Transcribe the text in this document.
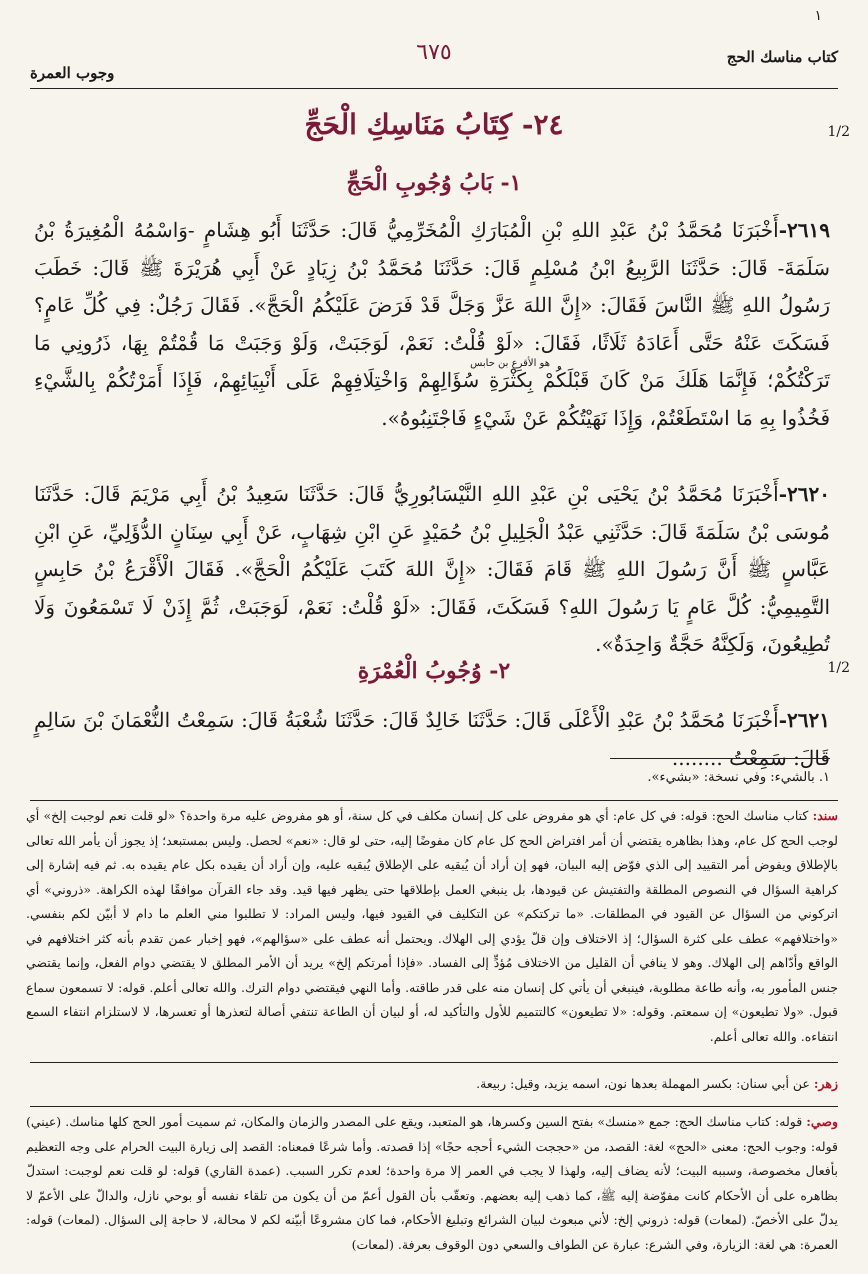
١
كتاب مناسك الحج
٦٧٥
وجوب العمرة
1/2
1/2
٢٤- كِتَابُ مَنَاسِكِ الْحَجِّ
١- بَابُ وُجُوبِ الْحَجِّ

٢٦١٩-أَخْبَرَنَا مُحَمَّدُ بْنُ عَبْدِ اللهِ بْنِ الْمُبَارَكِ الْمُخَرِّمِيُّ قَالَ: حَدَّثَنَا أَبُو هِشَامٍ -وَاسْمُهُ الْمُغِيرَةُ بْنُ سَلَمَةَ- قَالَ: حَدَّثَنَا الرَّبِيعُ ابْنُ مُسْلِمٍ قَالَ: حَدَّثَنَا مُحَمَّدُ بْنُ زِيَادٍ عَنْ أَبِي هُرَيْرَةَ ﷺ قَالَ: خَطَبَ رَسُولُ اللهِ ﷺ النَّاسَ فَقَالَ: «إِنَّ اللهَ عَزَّ وَجَلَّ قَدْ فَرَضَ عَلَيْكُمُ الْحَجَّ». فَقَالَ رَجُلٌ: فِي كُلِّ عَامٍ؟ فَسَكَتَ عَنْهُ حَتَّى أَعَادَهُ ثَلَاثًا، فَقَالَ: «لَوْ قُلْتُ: نَعَمْ، لَوَجَبَتْ، وَلَوْ وَجَبَتْ مَا قُمْتُمْ بِهَا، ذَرُونِي مَا تَرَكْتُكُمْ؛ فَإِنَّمَا هَلَكَ مَنْ كَانَ قَبْلَكُمْ بِكَثْرَةِ سُؤَالِهِمْ وَاخْتِلَافِهِمْ عَلَى أَنْبِيَائِهِمْ، فَإِذَا أَمَرْتُكُمْ بِالشَّيْءِ فَخُذُوا بِهِ مَا اسْتَطَعْتُمْ، وَإِذَا نَهَيْتُكُمْ عَنْ شَيْءٍ فَاجْتَنِبُوهُ».

هو الأقرع بن حابس

٢٦٢٠-أَخْبَرَنَا مُحَمَّدُ بْنُ يَحْيَى بْنِ عَبْدِ اللهِ النَّيْسَابُورِيُّ قَالَ: حَدَّثَنَا سَعِيدُ بْنُ أَبِي مَرْيَمَ قَالَ: حَدَّثَنَا مُوسَى بْنُ سَلَمَةَ قَالَ: حَدَّثَنِي عَبْدُ الْجَلِيلِ بْنُ حُمَيْدٍ عَنِ ابْنِ شِهَابٍ، عَنْ أَبِي سِنَانٍ الدُّؤَلِيِّ، عَنِ ابْنِ عَبَّاسٍ ﷺ أَنَّ رَسُولَ اللهِ ﷺ قَامَ فَقَالَ: «إِنَّ اللهَ كَتَبَ عَلَيْكُمُ الْحَجَّ». فَقَالَ الْأَقْرَعُ بْنُ حَابِسٍ التَّمِيمِيُّ: كُلَّ عَامٍ يَا رَسُولَ اللهِ؟ فَسَكَتَ، فَقَالَ: «لَوْ قُلْتُ: نَعَمْ، لَوَجَبَتْ، ثُمَّ إِذَنْ لَا تَسْمَعُونَ وَلَا تُطِيعُونَ، وَلَكِنَّهُ حَجَّةٌ وَاحِدَةٌ».

٢- وُجُوبُ الْعُمْرَةِ

٢٦٢١-أَخْبَرَنَا مُحَمَّدُ بْنُ عَبْدِ الْأَعْلَى قَالَ: حَدَّثَنَا خَالِدٌ قَالَ: حَدَّثَنَا شُعْبَةُ قَالَ: سَمِعْتُ النُّعْمَانَ بْنَ سَالِمٍ قَالَ: سَمِعْتُ ........

١. بالشيء: وفي نسخة: «بشيء».

سند: كتاب مناسك الحج: قوله: في كل عام: أي هو مفروض على كل إنسان مكلف في كل سنة، أو هو مفروض عليه مرة واحدة؟ «لو قلت نعم لوجبت إلخ» أي لوجب الحج كل عام، وهذا بظاهره يقتضي أن أمر افتراض الحج كل عام كان مفوضًا إليه، حتى لو قال: «نعم» لحصل. وليس بمستبعد؛ إذ يجوز أن يأمر الله تعالى بالإطلاق ويفوض أمر التقييد إلى الذي فوّض إليه البيان، فهو إن أراد أن يُبقيه على الإطلاق يُبقيه عليه، وإن أراد أن يقيده بكل عام يقيده به. ثم فيه إشارة إلى كراهية السؤال في النصوص المطلقة والتفتيش عن قيودها، بل ينبغي العمل بإطلاقها حتى يظهر فيها قيد. وقد جاء القرآن موافقًا لهذه الكراهة. «ذروني» أي اتركوني من السؤال عن القيود في المطلقات. «ما تركتكم» عن التكليف في القيود فيها، وليس المراد: لا تطلبوا مني العلم ما دام لا أبيّن لكم بنفسي. «واختلافهم» عطف على كثرة السؤال؛ إذ الاختلاف وإن قلّ يؤدي إلى الهلاك. ويحتمل أنه عطف على «سؤالهم»، فهو إخبار عمن تقدم بأنه كثر اختلافهم في الواقع وأدّاهم إلى الهلاك. وهو لا ينافي أن القليل من الاختلاف مُؤدٍّ إلى الفساد. «فإذا أمرتكم إلخ» يريد أن الأمر المطلق لا يقتضي دوام الفعل، وإنما يقتضي جنس المأمور به، وأنه طاعة مطلوبة، فينبغي أن يأتي كل إنسان منه على قدر طاقته. وأما النهي فيقتضي دوام الترك. والله تعالى أعلم. قوله: لا تسمعون سماع قبول. «ولا تطيعون» إن سمعتم. وقوله: «لا تطيعون» كالتتميم للأول والتأكيد له، أو لبيان أن الطاعة تنتفي أصالة لتعذرها أو تعسرها، لا لاستلزام انتفاء السمع انتفاءه. والله تعالى أعلم.

زهر: عن أبي سنان: بكسر المهملة بعدها نون، اسمه يزيد، وقيل: ربيعة.

وصي: قوله: كتاب مناسك الحج: جمع «منسك» بفتح السين وكسرها، هو المتعبد، ويقع على المصدر والزمان والمكان، ثم سميت أمور الحج كلها مناسك. (عيني) قوله: وجوب الحج: معنى «الحج» لغة: القصد، من «حججت الشيء أحجه حجًا» إذا قصدته. وأما شرعًا فمعناه: القصد إلى زيارة البيت الحرام على وجه التعظيم بأفعال مخصوصة، وسببه البيت؛ لأنه يضاف إليه، ولهذا لا يجب في العمر إلا مرة واحدة؛ لعدم تكرر السبب. (عمدة القاري) قوله: لو قلت نعم لوجبت: استدلّ بظاهره على أن الأحكام كانت مفوّضة إليه ﷺ، كما ذهب إليه بعضهم. وتعقّب بأن القول أعمّ من أن يكون من تلقاء نفسه أو بوحي نازل، والدالّ على الأعمّ لا يدلّ على الأخصّ. (لمعات) قوله: ذروني إلخ: لأني مبعوث لبيان الشرائع وتبليغ الأحكام، فما كان مشروعًا أبيّنه لكم لا محالة، لا حاجة إلى السؤال. (لمعات) قوله: العمرة: هي لغة: الزيارة، وفي الشرع: عبارة عن الطواف والسعي دون الوقوف بعرفة. (لمعات)
